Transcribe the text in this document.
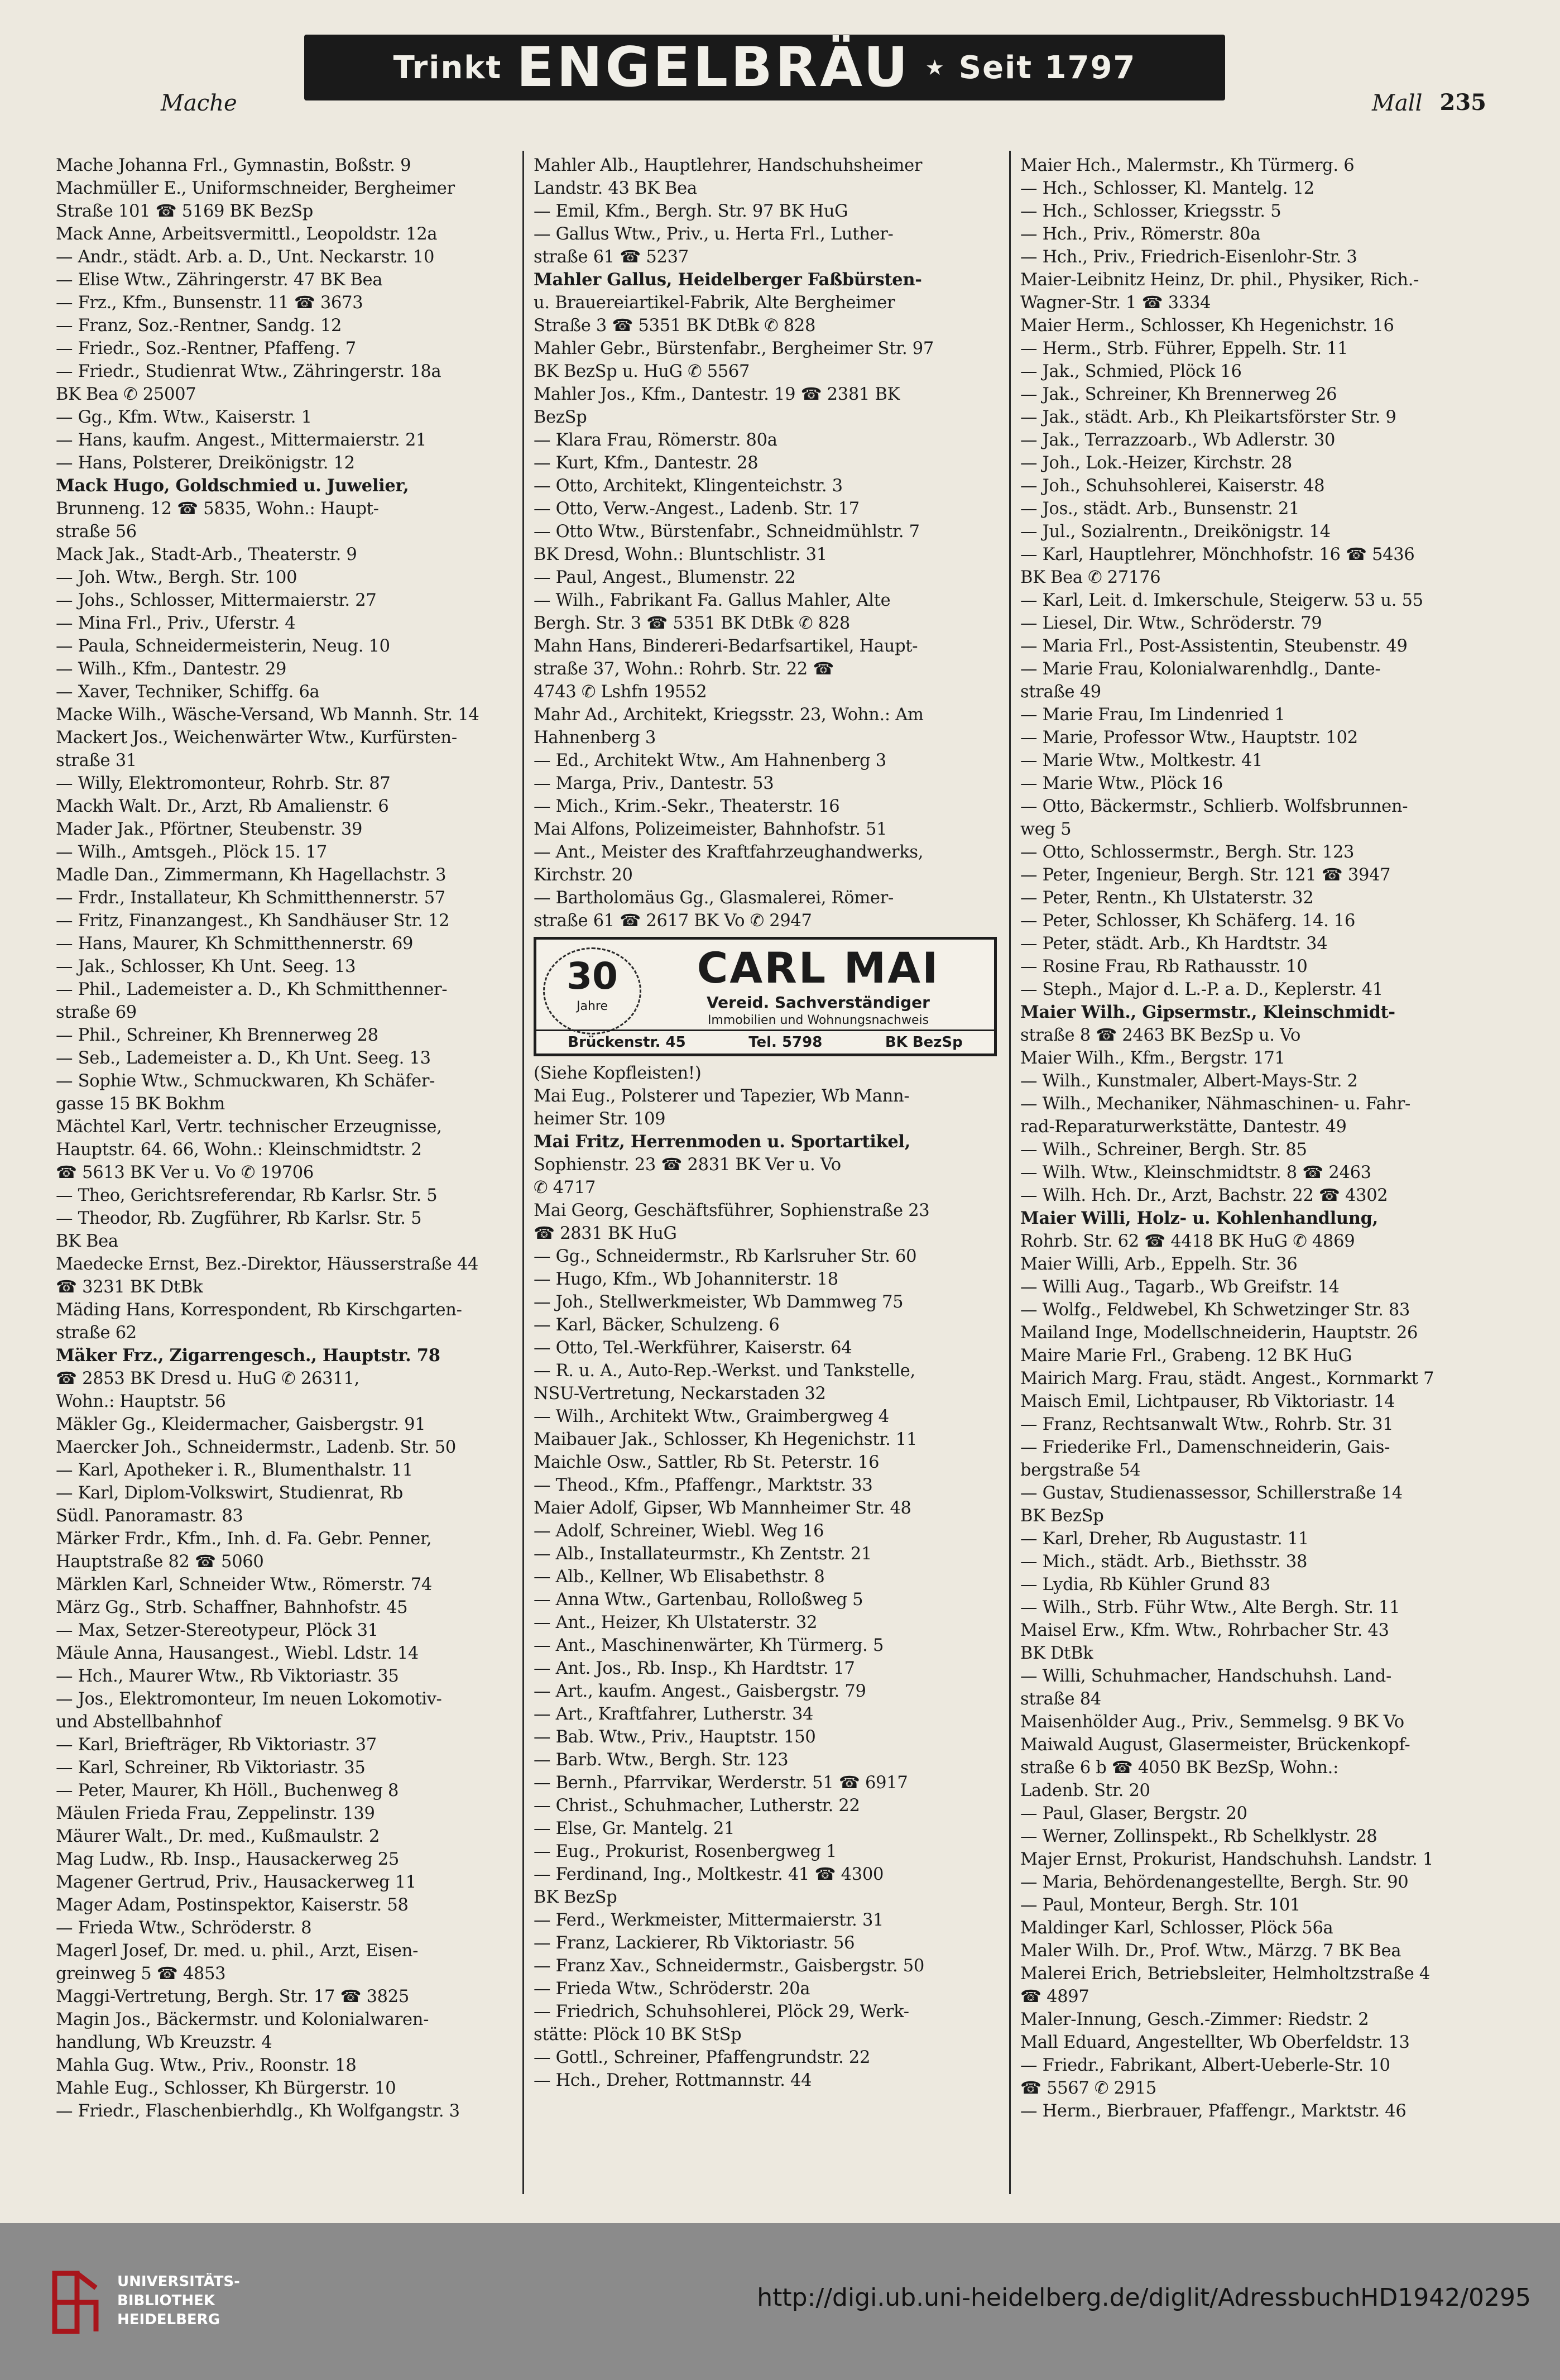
Trinkt ENGELBRÄU ★ Seit 1797
Mache	Mall 235
Mache Johanna Frl., Gymnastin, Boßstr. 9
Machmüller E., Uniformschneider, Bergheimer
Straße 101 ☎ 5169 BK BezSp
Mack Anne, Arbeitsvermittl., Leopoldstr. 12a
— Andr., städt. Arb. a. D., Unt. Neckarstr. 10
— Elise Wtw., Zähringerstr. 47 BK Bea
— Frz., Kfm., Bunsenstr. 11 ☎ 3673
— Franz, Soz.-Rentner, Sandg. 12
— Friedr., Soz.-Rentner, Pfaffeng. 7
— Friedr., Studienrat Wtw., Zähringerstr. 18a
BK Bea ✆ 25007
— Gg., Kfm. Wtw., Kaiserstr. 1
— Hans, kaufm. Angest., Mittermaierstr. 21
— Hans, Polsterer, Dreikönigstr. 12
Mack Hugo, Goldschmied u. Juwelier,
Brunneng. 12 ☎ 5835, Wohn.: Haupt-
straße 56
Mack Jak., Stadt-Arb., Theaterstr. 9
— Joh. Wtw., Bergh. Str. 100
— Johs., Schlosser, Mittermaierstr. 27
— Mina Frl., Priv., Uferstr. 4
— Paula, Schneidermeisterin, Neug. 10
— Wilh., Kfm., Dantestr. 29
— Xaver, Techniker, Schiffg. 6a
Macke Wilh., Wäsche-Versand, Wb Mannh. Str. 14
Mackert Jos., Weichenwärter Wtw., Kurfürsten-
straße 31
— Willy, Elektromonteur, Rohrb. Str. 87
Mackh Walt. Dr., Arzt, Rb Amalienstr. 6
Mader Jak., Pförtner, Steubenstr. 39
— Wilh., Amtsgeh., Plöck 15. 17
Madle Dan., Zimmermann, Kh Hagellachstr. 3
— Frdr., Installateur, Kh Schmitthennerstr. 57
— Fritz, Finanzangest., Kh Sandhäuser Str. 12
— Hans, Maurer, Kh Schmitthennerstr. 69
— Jak., Schlosser, Kh Unt. Seeg. 13
— Phil., Lademeister a. D., Kh Schmitthenner-
straße 69
— Phil., Schreiner, Kh Brennerweg 28
— Seb., Lademeister a. D., Kh Unt. Seeg. 13
— Sophie Wtw., Schmuckwaren, Kh Schäfer-
gasse 15 BK Bokhm
Mächtel Karl, Vertr. technischer Erzeugnisse,
Hauptstr. 64. 66, Wohn.: Kleinschmidtstr. 2
☎ 5613 BK Ver u. Vo ✆ 19706
— Theo, Gerichtsreferendar, Rb Karlsr. Str. 5
— Theodor, Rb. Zugführer, Rb Karlsr. Str. 5
BK Bea
Maedecke Ernst, Bez.-Direktor, Häusserstraße 44
☎ 3231 BK DtBk
Mäding Hans, Korrespondent, Rb Kirschgarten-
straße 62
Mäker Frz., Zigarrengesch., Hauptstr. 78
☎ 2853 BK Dresd u. HuG ✆ 26311,
Wohn.: Hauptstr. 56
Mäkler Gg., Kleidermacher, Gaisbergstr. 91
Maercker Joh., Schneidermstr., Ladenb. Str. 50
— Karl, Apotheker i. R., Blumenthalstr. 11
— Karl, Diplom-Volkswirt, Studienrat, Rb
Südl. Panoramastr. 83
Märker Frdr., Kfm., Inh. d. Fa. Gebr. Penner,
Hauptstraße 82 ☎ 5060
Märklen Karl, Schneider Wtw., Römerstr. 74
März Gg., Strb. Schaffner, Bahnhofstr. 45
— Max, Setzer-Stereotypeur, Plöck 31
Mäule Anna, Hausangest., Wiebl. Ldstr. 14
— Hch., Maurer Wtw., Rb Viktoriastr. 35
— Jos., Elektromonteur, Im neuen Lokomotiv-
und Abstellbahnhof
— Karl, Briefträger, Rb Viktoriastr. 37
— Karl, Schreiner, Rb Viktoriastr. 35
— Peter, Maurer, Kh Höll., Buchenweg 8
Mäulen Frieda Frau, Zeppelinstr. 139
Mäurer Walt., Dr. med., Kußmaulstr. 2
Mag Ludw., Rb. Insp., Hausackerweg 25
Magener Gertrud, Priv., Hausackerweg 11
Mager Adam, Postinspektor, Kaiserstr. 58
— Frieda Wtw., Schröderstr. 8
Magerl Josef, Dr. med. u. phil., Arzt, Eisen-
greinweg 5 ☎ 4853
Maggi-Vertretung, Bergh. Str. 17 ☎ 3825
Magin Jos., Bäckermstr. und Kolonialwaren-
handlung, Wb Kreuzstr. 4
Mahla Gug. Wtw., Priv., Roonstr. 18
Mahle Eug., Schlosser, Kh Bürgerstr. 10
— Friedr., Flaschenbierhdlg., Kh Wolfgangstr. 3
Mahler Alb., Hauptlehrer, Handschuhsheimer
Landstr. 43 BK Bea
— Emil, Kfm., Bergh. Str. 97 BK HuG
— Gallus Wtw., Priv., u. Herta Frl., Luther-
straße 61 ☎ 5237
Mahler Gallus, Heidelberger Faßbürsten-
u. Brauereiartikel-Fabrik, Alte Bergheimer
Straße 3 ☎ 5351 BK DtBk ✆ 828
Mahler Gebr., Bürstenfabr., Bergheimer Str. 97
BK BezSp u. HuG ✆ 5567
Mahler Jos., Kfm., Dantestr. 19 ☎ 2381 BK
BezSp
— Klara Frau, Römerstr. 80a
— Kurt, Kfm., Dantestr. 28
— Otto, Architekt, Klingenteichstr. 3
— Otto, Verw.-Angest., Ladenb. Str. 17
— Otto Wtw., Bürstenfabr., Schneidmühlstr. 7
BK Dresd, Wohn.: Bluntschlistr. 31
— Paul, Angest., Blumenstr. 22
— Wilh., Fabrikant Fa. Gallus Mahler, Alte
Bergh. Str. 3 ☎ 5351 BK DtBk ✆ 828
Mahn Hans, Bindereri-Bedarfsartikel, Haupt-
straße 37, Wohn.: Rohrb. Str. 22 ☎
4743 ✆ Lshfn 19552
Mahr Ad., Architekt, Kriegsstr. 23, Wohn.: Am
Hahnenberg 3
— Ed., Architekt Wtw., Am Hahnenberg 3
— Marga, Priv., Dantestr. 53
— Mich., Krim.-Sekr., Theaterstr. 16
Mai Alfons, Polizeimeister, Bahnhofstr. 51
— Ant., Meister des Kraftfahrzeughandwerks,
Kirchstr. 20
— Bartholomäus Gg., Glasmalerei, Römer-
straße 61 ☎ 2617 BK Vo ✆ 2947
30
Jahre
CARL MAI
Vereid. Sachverständiger
Immobilien und Wohnungsnachweis
Brückenstr. 45	Tel. 5798	BK BezSp
(Siehe Kopfleisten!)
Mai Eug., Polsterer und Tapezier, Wb Mann-
heimer Str. 109
Mai Fritz, Herrenmoden u. Sportartikel,
Sophienstr. 23 ☎ 2831 BK Ver u. Vo
✆ 4717
Mai Georg, Geschäftsführer, Sophienstraße 23
☎ 2831 BK HuG
— Gg., Schneidermstr., Rb Karlsruher Str. 60
— Hugo, Kfm., Wb Johanniterstr. 18
— Joh., Stellwerkmeister, Wb Dammweg 75
— Karl, Bäcker, Schulzeng. 6
— Otto, Tel.-Werkführer, Kaiserstr. 64
— R. u. A., Auto-Rep.-Werkst. und Tankstelle,
NSU-Vertretung, Neckarstaden 32
— Wilh., Architekt Wtw., Graimbergweg 4
Maibauer Jak., Schlosser, Kh Hegenichstr. 11
Maichle Osw., Sattler, Rb St. Peterstr. 16
— Theod., Kfm., Pfaffengr., Marktstr. 33
Maier Adolf, Gipser, Wb Mannheimer Str. 48
— Adolf, Schreiner, Wiebl. Weg 16
— Alb., Installateurmstr., Kh Zentstr. 21
— Alb., Kellner, Wb Elisabethstr. 8
— Anna Wtw., Gartenbau, Rolloßweg 5
— Ant., Heizer, Kh Ulstaterstr. 32
— Ant., Maschinenwärter, Kh Türmerg. 5
— Ant. Jos., Rb. Insp., Kh Hardtstr. 17
— Art., kaufm. Angest., Gaisbergstr. 79
— Art., Kraftfahrer, Lutherstr. 34
— Bab. Wtw., Priv., Hauptstr. 150
— Barb. Wtw., Bergh. Str. 123
— Bernh., Pfarrvikar, Werderstr. 51 ☎ 6917
— Christ., Schuhmacher, Lutherstr. 22
— Else, Gr. Mantelg. 21
— Eug., Prokurist, Rosenbergweg 1
— Ferdinand, Ing., Moltkestr. 41 ☎ 4300
BK BezSp
— Ferd., Werkmeister, Mittermaierstr. 31
— Franz, Lackierer, Rb Viktoriastr. 56
— Franz Xav., Schneidermstr., Gaisbergstr. 50
— Frieda Wtw., Schröderstr. 20a
— Friedrich, Schuhsohlerei, Plöck 29, Werk-
stätte: Plöck 10 BK StSp
— Gottl., Schreiner, Pfaffengrundstr. 22
— Hch., Dreher, Rottmannstr. 44
Maier Hch., Malermstr., Kh Türmerg. 6
— Hch., Schlosser, Kl. Mantelg. 12
— Hch., Schlosser, Kriegsstr. 5
— Hch., Priv., Römerstr. 80a
— Hch., Priv., Friedrich-Eisenlohr-Str. 3
Maier-Leibnitz Heinz, Dr. phil., Physiker, Rich.-
Wagner-Str. 1 ☎ 3334
Maier Herm., Schlosser, Kh Hegenichstr. 16
— Herm., Strb. Führer, Eppelh. Str. 11
— Jak., Schmied, Plöck 16
— Jak., Schreiner, Kh Brennerweg 26
— Jak., städt. Arb., Kh Pleikartsförster Str. 9
— Jak., Terrazzoarb., Wb Adlerstr. 30
— Joh., Lok.-Heizer, Kirchstr. 28
— Joh., Schuhsohlerei, Kaiserstr. 48
— Jos., städt. Arb., Bunsenstr. 21
— Jul., Sozialrentn., Dreikönigstr. 14
— Karl, Hauptlehrer, Mönchhofstr. 16 ☎ 5436
BK Bea ✆ 27176
— Karl, Leit. d. Imkerschule, Steigerw. 53 u. 55
— Liesel, Dir. Wtw., Schröderstr. 79
— Maria Frl., Post-Assistentin, Steubenstr. 49
— Marie Frau, Kolonialwarenhdlg., Dante-
straße 49
— Marie Frau, Im Lindenried 1
— Marie, Professor Wtw., Hauptstr. 102
— Marie Wtw., Moltkestr. 41
— Marie Wtw., Plöck 16
— Otto, Bäckermstr., Schlierb. Wolfsbrunnen-
weg 5
— Otto, Schlossermstr., Bergh. Str. 123
— Peter, Ingenieur, Bergh. Str. 121 ☎ 3947
— Peter, Rentn., Kh Ulstaterstr. 32
— Peter, Schlosser, Kh Schäferg. 14. 16
— Peter, städt. Arb., Kh Hardtstr. 34
— Rosine Frau, Rb Rathausstr. 10
— Steph., Major d. L.-P. a. D., Keplerstr. 41
Maier Wilh., Gipsermstr., Kleinschmidt-
straße 8 ☎ 2463 BK BezSp u. Vo
Maier Wilh., Kfm., Bergstr. 171
— Wilh., Kunstmaler, Albert-Mays-Str. 2
— Wilh., Mechaniker, Nähmaschinen- u. Fahr-
rad-Reparaturwerkstätte, Dantestr. 49
— Wilh., Schreiner, Bergh. Str. 85
— Wilh. Wtw., Kleinschmidtstr. 8 ☎ 2463
— Wilh. Hch. Dr., Arzt, Bachstr. 22 ☎ 4302
Maier Willi, Holz- u. Kohlenhandlung,
Rohrb. Str. 62 ☎ 4418 BK HuG ✆ 4869
Maier Willi, Arb., Eppelh. Str. 36
— Willi Aug., Tagarb., Wb Greifstr. 14
— Wolfg., Feldwebel, Kh Schwetzinger Str. 83
Mailand Inge, Modellschneiderin, Hauptstr. 26
Maire Marie Frl., Grabeng. 12 BK HuG
Mairich Marg. Frau, städt. Angest., Kornmarkt 7
Maisch Emil, Lichtpauser, Rb Viktoriastr. 14
— Franz, Rechtsanwalt Wtw., Rohrb. Str. 31
— Friederike Frl., Damenschneiderin, Gais-
bergstraße 54
— Gustav, Studienassessor, Schillerstraße 14
BK BezSp
— Karl, Dreher, Rb Augustastr. 11
— Mich., städt. Arb., Biethsstr. 38
— Lydia, Rb Kühler Grund 83
— Wilh., Strb. Führ Wtw., Alte Bergh. Str. 11
Maisel Erw., Kfm. Wtw., Rohrbacher Str. 43
BK DtBk
— Willi, Schuhmacher, Handschuhsh. Land-
straße 84
Maisenhölder Aug., Priv., Semmelsg. 9 BK Vo
Maiwald August, Glasermeister, Brückenkopf-
straße 6 b ☎ 4050 BK BezSp, Wohn.:
Ladenb. Str. 20
— Paul, Glaser, Bergstr. 20
— Werner, Zollinspekt., Rb Schelklystr. 28
Majer Ernst, Prokurist, Handschuhsh. Landstr. 1
— Maria, Behördenangestellte, Bergh. Str. 90
— Paul, Monteur, Bergh. Str. 101
Maldinger Karl, Schlosser, Plöck 56a
Maler Wilh. Dr., Prof. Wtw., Märzg. 7 BK Bea
Malerei Erich, Betriebsleiter, Helmholtzstraße 4
☎ 4897
Maler-Innung, Gesch.-Zimmer: Riedstr. 2
Mall Eduard, Angestellter, Wb Oberfeldstr. 13
— Friedr., Fabrikant, Albert-Ueberle-Str. 10
☎ 5567 ✆ 2915
— Herm., Bierbrauer, Pfaffengr., Marktstr. 46
UNIVERSITÄTS-
BIBLIOTHEK
HEIDELBERG
http://digi.ub.uni-heidelberg.de/diglit/AdressbuchHD1942/0295
